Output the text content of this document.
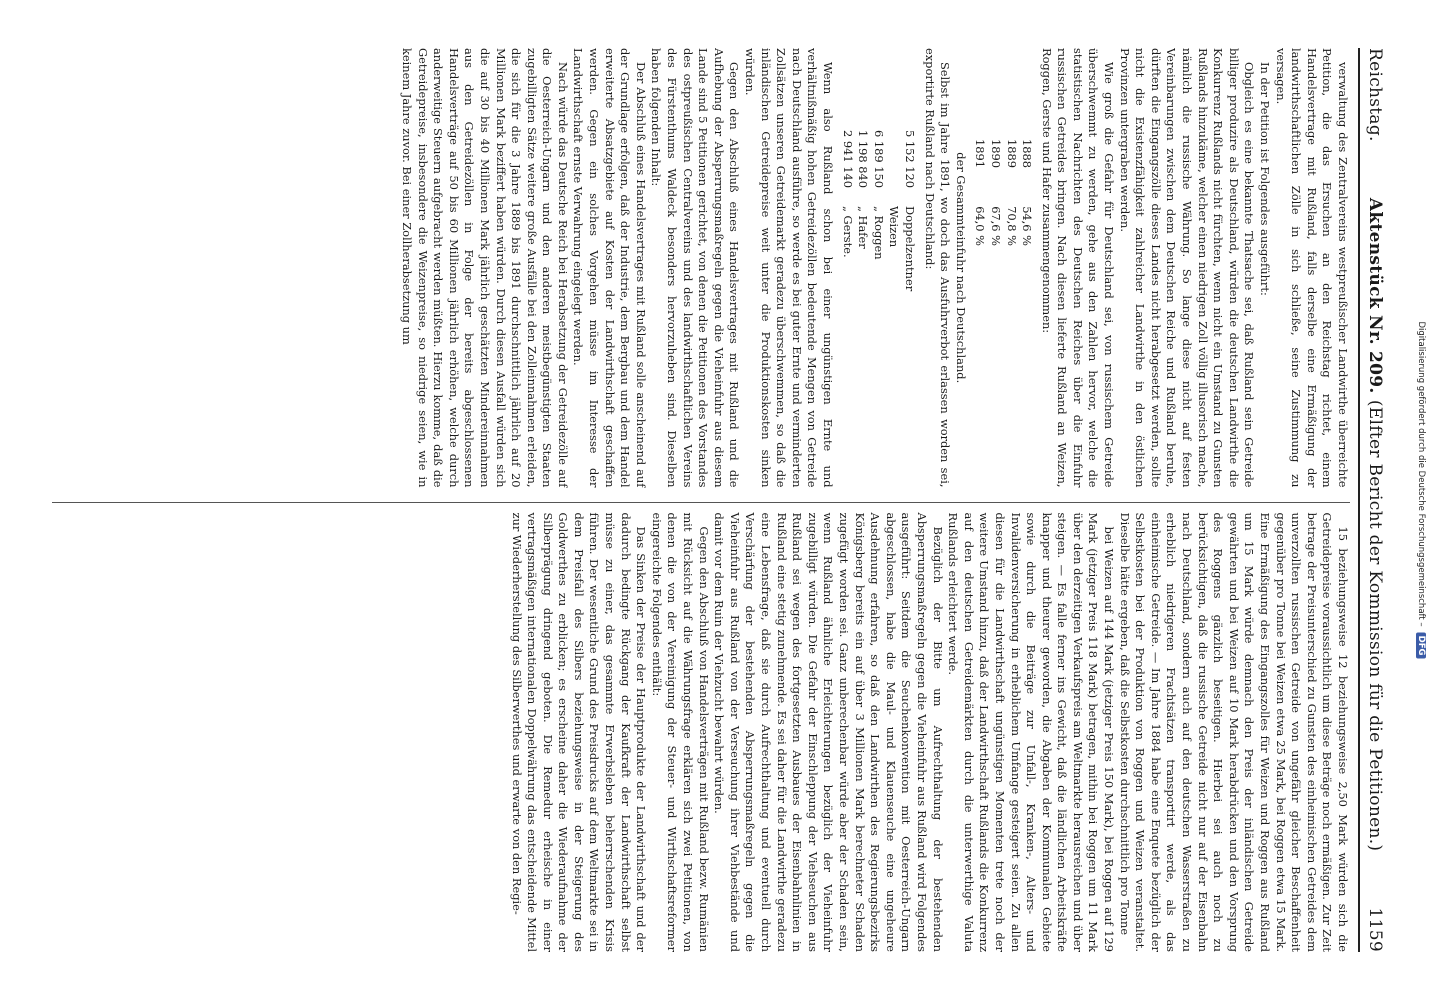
Reichstag.
Aktenstück Nr. 209. (Elfter Bericht der Kommission für die Petitionen.)
1159

verwaltung des Zentralvereins westpreußischer Landwirthe überreichte Petition, die das Ersuchen an den Reichstag richtet, einem Handelsvertrage mit Rußland, falls derselbe eine Ermäßigung der landwirthschaftlichen Zölle in sich schließe, seine Zustimmung zu versagen.

In der Petition ist Folgendes ausgeführt:

Obgleich es eine bekannte Thatsache sei, daß Rußland sein Getreide billiger produzire als Deutschland, würden die deutschen Landwirthe die Konkurrenz Rußlands nicht fürchten, wenn nicht ein Umstand zu Gunsten Rußlands hinzukäme, welcher einen niedrigen Zoll völlig illusorisch mache, nämlich die russische Währung. So lange diese nicht auf festen Vereinbarungen zwischen dem Deutschen Reiche und Rußland beruhe, dürften die Eingangszölle dieses Landes nicht herabgesetzt werden, sollte nicht die Existenzfähigkeit zahlreicher Landwirthe in den östlichen Provinzen untergraben werden.

Wie groß die Gefahr für Deutschland sei, von russischem Getreide überschwemmt zu werden, gehe aus den Zahlen hervor, welche die statistischen Nachrichten des Deutschen Reiches über die Einfuhr russischen Getreides bringen. Nach diesen lieferte Rußland an Weizen, Roggen, Gerste und Hafer zusammengenommen:

1888
54,6 %
1889
70,8 %
1890
67,6 %
1891
64,0 %

der Gesammteinfuhr nach Deutschland.

Selbst im Jahre 1891, wo doch das Ausfuhrverbot erlassen worden sei, exportirte Rußland nach Deutschland:

5 152 120
Doppelzentner Weizen
6 189 150
„ Roggen
1 198 840
„ Hafer
2 941 140
„ Gerste.

Wenn also Rußland schon bei einer ungünstigen Ernte und verhältnißmäßig hohen Getreidezöllen bedeutende Mengen von Getreide nach Deutschland ausführe, so werde es bei guter Ernte und verminderten Zollsätzen unseren Getreidemarkt geradezu überschwemmen, so daß die inländischen Getreidepreise weit unter die Produktionskosten sinken würden.

Gegen den Abschluß eines Handelsvertrages mit Rußland und die Aufhebung der Absperrungsmaßregeln gegen die Vieheinfuhr aus diesem Lande sind 5 Petitionen gerichtet, von denen die Petitionen des Vorstandes des ostpreußischen Centralvereins und des landwirthschaftlichen Vereins des Fürstenthums Waldeck besonders hervorzuheben sind. Dieselben haben folgenden Inhalt:

Der Abschluß eines Handelsvertrages mit Rußland solle anscheinend auf der Grundlage erfolgen, daß der Industrie, dem Bergbau und dem Handel erweiterte Absatzgebiete auf Kosten der Landwirthschaft geschaffen werden. Gegen ein solches Vorgehen müsse im Interesse der Landwirthschaft ernste Verwahrung eingelegt werden.

Nach würde das Deutsche Reich bei Herabsetzung der Getreidezölle auf die Oesterreich-Ungarn und den anderen meistbegünstigten Staaten zugebilligten Sätze weitere große Ausfälle bei den Zolleinnahmen erleiden, die sich für die 3 Jahre 1889 bis 1891 durchschnittlich jährlich auf 20 Millionen Mark beziffert haben würden. Durch diesen Ausfall würden sich die auf 30 bis 40 Millionen Mark jährlich geschätzten Mindereinnahmen aus den Getreidezöllen in Folge der bereits abgeschlossenen Handelsverträge auf 50 bis 60 Millionen jährlich erhöhen, welche durch anderweitige Steuern aufgebracht werden müßten. Hierzu komme, daß die Getreidepreise, insbesondere die Weizenpreise, so niedrige seien, wie in keinem Jahre zuvor. Bei einer Zollherabsetzung um

15 beziehungsweise 12 beziehungsweise 2,50 Mark würden sich die Getreidepreise voraussichtlich um diese Beträge noch ermäßigen. Zur Zeit betrage der Preisunterschied zu Gunsten des einheimischen Getreides dem unverzollten russischen Getreide von ungefähr gleicher Beschaffenheit gegenüber pro Tonne bei Weizen etwa 25 Mark, bei Roggen etwa 15 Mark. Eine Ermäßigung des Eingangszolles für Weizen und Roggen aus Rußland um 15 Mark würde demnach den Preis der inländischen Getreide gewährten und bei Weizen auf 10 Mark herabdrücken und den Vorsprung des Roggens gänzlich beseitigen. Hierbei sei auch noch zu berücksichtigen, daß die russische Getreide nicht nur auf der Eisenbahn nach Deutschland, sondern auch auf den deutschen Wasserstraßen zu erheblich niedrigeren Frachtsätzen transportirt werde, als das einheimische Getreide. — Im Jahre 1884 habe eine Enquete bezüglich der Selbstkosten bei der Produktion von Roggen und Weizen veranstaltet. Dieselbe hätte ergeben, daß die Selbstkosten durchschnittlich pro Tonne

bei Weizen auf 144 Mark (jetziger Preis 150 Mark), bei Roggen auf 129 Mark (jetziger Preis 118 Mark) betragen, mithin bei Roggen um 11 Mark über den derzeitigen Verkaufspreis am Weltmarkte herausreichen und über steigen. — Es falle ferner ins Gewicht, daß die ländlichen Arbeitskräfte knapper und theurer geworden, die Abgaben der Kommunalen Gebiete sowie durch die Beiträge zur Unfall-, Kranken-, Alters- und Invalidenversicherung in erheblichem Umfange gesteigert seien. Zu allen diesen für die Landwirthschaft ungünstigen Momenten trete noch der weitere Umstand hinzu, daß der Landwirthschaft Rußlands die Konkurrenz auf den deutschen Getreidemärkten durch die unterwerthige Valuta Rußlands erleichtert werde.

Bezüglich der Bitte um Aufrechthaltung der bestehenden Absperrungsmaßregeln gegen die Vieheinfuhr aus Rußland wird Folgendes ausgeführt: Seitdem die Seuchenkonvention mit Oesterreich-Ungarn abgeschlossen, habe die Maul- und Klauenseuche eine ungeheure Ausdehnung erfahren, so daß den Landwirthen des Regierungsbezirks Königsberg bereits ein auf über 3 Millionen Mark berechneter Schaden zugefügt worden sei. Ganz unberechenbar würde aber der Schaden sein, wenn Rußland ähnliche Erleichterungen bezüglich der Vieheinfuhr zugebilligt würden. Die Gefahr der Einschleppung der Viehseuchen aus Rußland sei wegen des fortgesetzten Ausbaues der Eisenbahnlinien in Rußland eine stetig zunehmende. Es sei daher für die Landwirthe geradezu eine Lebensfrage, daß sie durch Aufrechthaltung und eventuell durch Verschärfung der bestehenden Absperrungsmaßregeln gegen die Vieheinfuhr aus Rußland von der Verseuchung ihrer Viehbestände und damit vor dem Ruin der Viehzucht bewahrt würden.

Gegen den Abschluß von Handelsverträgen mit Rußland bezw. Rumänien mit Rücksicht auf die Währungsfrage erklären sich zwei Petitionen, von denen die von der Vereinigung der Steuer- und Wirthschaftsreformer eingereichte Folgendes enthält:

Das Sinken der Preise der Hauptprodukte der Landwirthschaft und der dadurch bedingte Rückgang der Kaufkraft der Landwirthschaft selbst müsse zu einer, das gesammte Erwerbsleben beherrschenden Krisis führen. Der wesentliche Grund des Preisdrucks auf dem Weltmarkte sei in dem Preisfall des Silbers beziehungsweise in der Steigerung des Goldwerthes zu erblicken; es erscheine daher die Wiederaufnahme der Silberprägung dringend geboten. Die Remedur erheische in einer vertragsmäßigen internationalen Doppelwährung das entscheidende Mittel zur Wiederherstellung des Silberwerthes und erwarte von den Regie-

Digitalisierung gefördert durch die Deutsche Forschungsgemeinschaft –
DFG
